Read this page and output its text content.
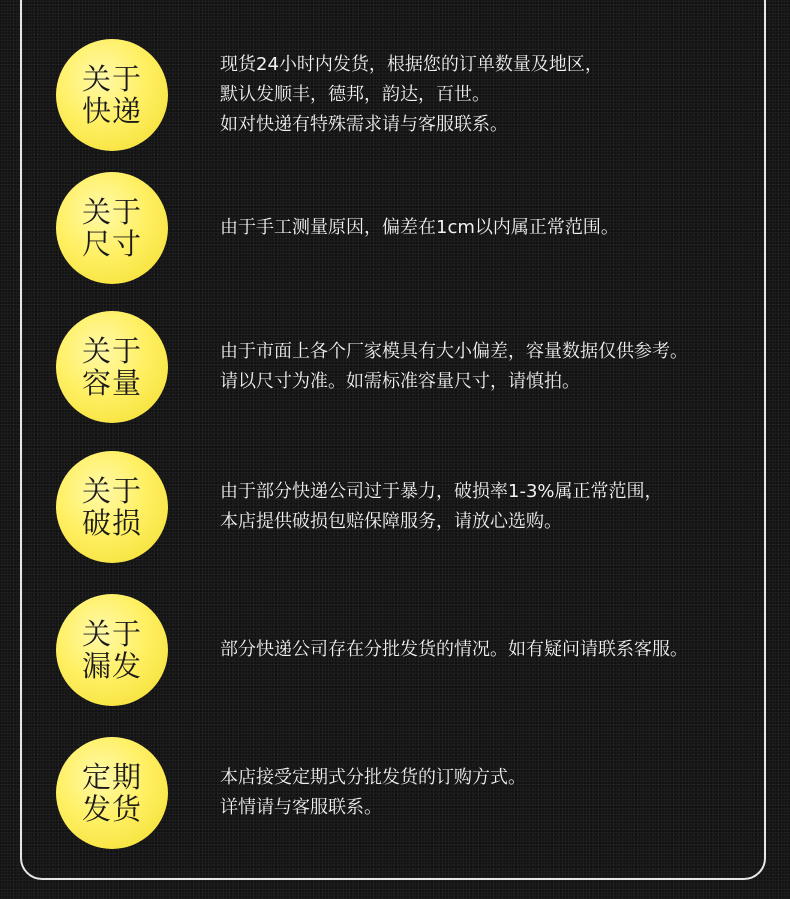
关于
快递
现货24小时内发货，根据您的订单数量及地区，
默认发顺丰，德邦，韵达，百世。
如对快递有特殊需求请与客服联系。
关于
尺寸	由于手工测量原因，偏差在1cm以内属正常范围。
关于
容量
由于市面上各个厂家模具有大小偏差，容量数据仅供参考。
请以尺寸为准。如需标准容量尺寸，请慎拍。
关于
破损
由于部分快递公司过于暴力，破损率1-3%属正常范围，
本店提供破损包赔保障服务，请放心选购。
关于
漏发	部分快递公司存在分批发货的情况。如有疑问请联系客服。
定期
发货
本店接受定期式分批发货的订购方式。
详情请与客服联系。
